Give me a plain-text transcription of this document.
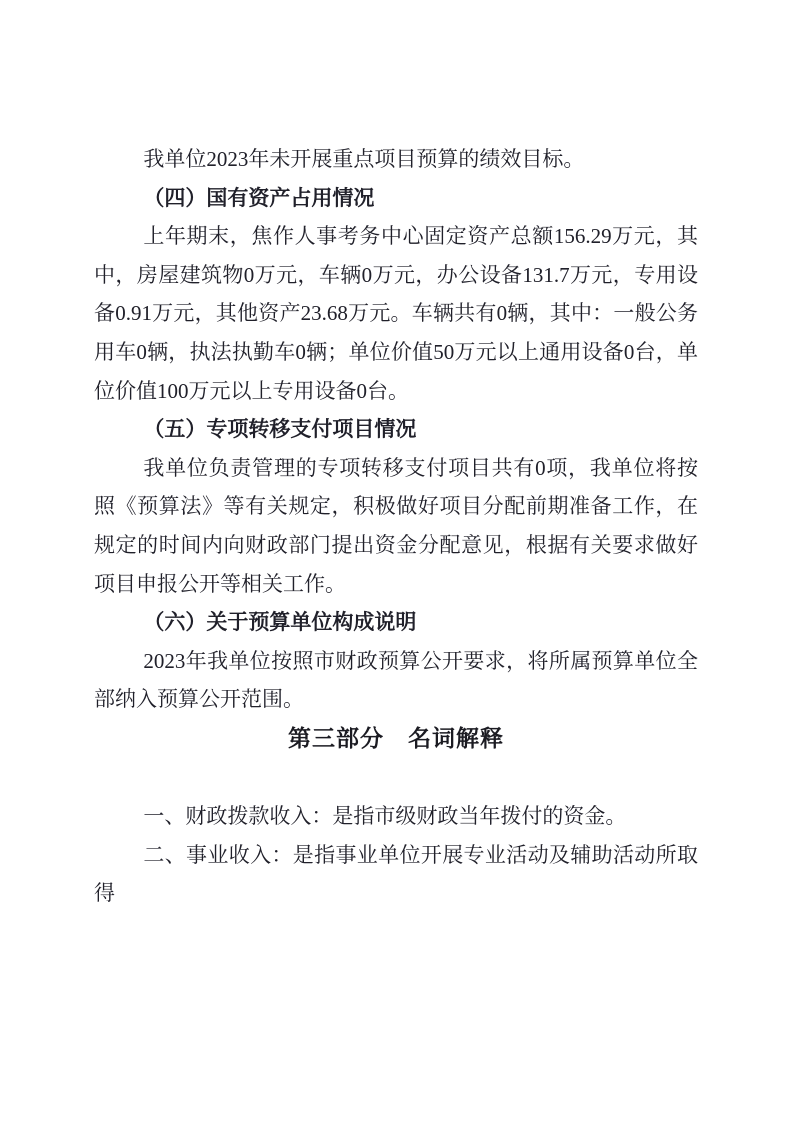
我单位2023年未开展重点项目预算的绩效目标。

（四）国有资产占用情况

上年期末，焦作人事考务中心固定资产总额156.29万元，其中，房屋建筑物0万元，车辆0万元，办公设备131.7万元，专用设备0.91万元，其他资产23.68万元。车辆共有0辆，其中：一般公务用车0辆，执法执勤车0辆；单位价值50万元以上通用设备0台，单位价值100万元以上专用设备0台。

（五）专项转移支付项目情况

我单位负责管理的专项转移支付项目共有0项，我单位将按照《预算法》等有关规定，积极做好项目分配前期准备工作，在规定的时间内向财政部门提出资金分配意见，根据有关要求做好项目申报公开等相关工作。

（六）关于预算单位构成说明

2023年我单位按照市财政预算公开要求，将所属预算单位全部纳入预算公开范围。

第三部分　名词解释

一、财政拨款收入：是指市级财政当年拨付的资金。

二、事业收入：是指事业单位开展专业活动及辅助活动所取 得
